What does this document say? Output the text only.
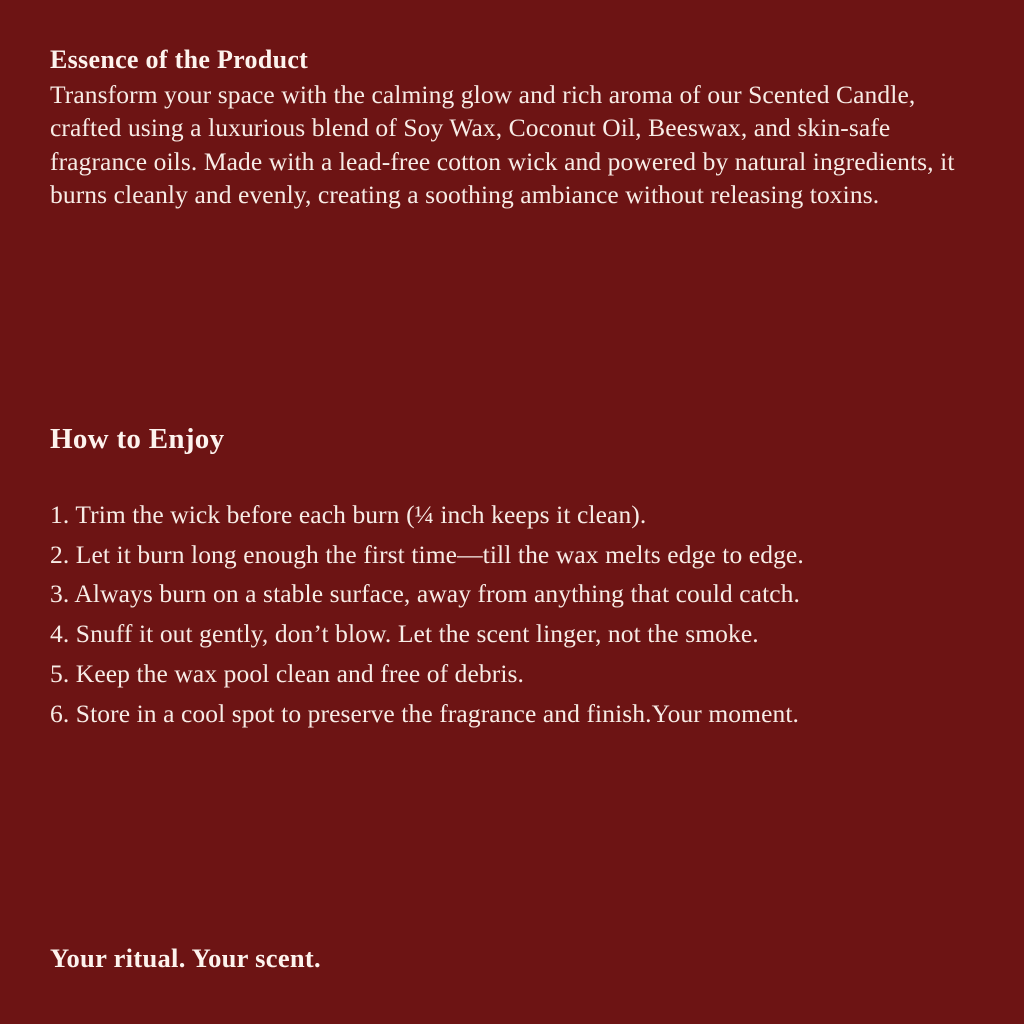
Essence of the Product

Transform your space with the calming glow and rich aroma of our Scented Candle, crafted using a luxurious blend of Soy Wax, Coconut Oil, Beeswax, and skin-safe fragrance oils. Made with a lead-free cotton wick and powered by natural ingredients, it burns cleanly and evenly, creating a soothing ambiance without releasing toxins.

How to Enjoy
1. Trim the wick before each burn (¼ inch keeps it clean).
2. Let it burn long enough the first time—till the wax melts edge to edge.
3. Always burn on a stable surface, away from anything that could catch.
4. Snuff it out gently, don’t blow. Let the scent linger, not the smoke.
5. Keep the wax pool clean and free of debris.
6. Store in a cool spot to preserve the fragrance and finish.Your moment.

Your ritual. Your scent.
